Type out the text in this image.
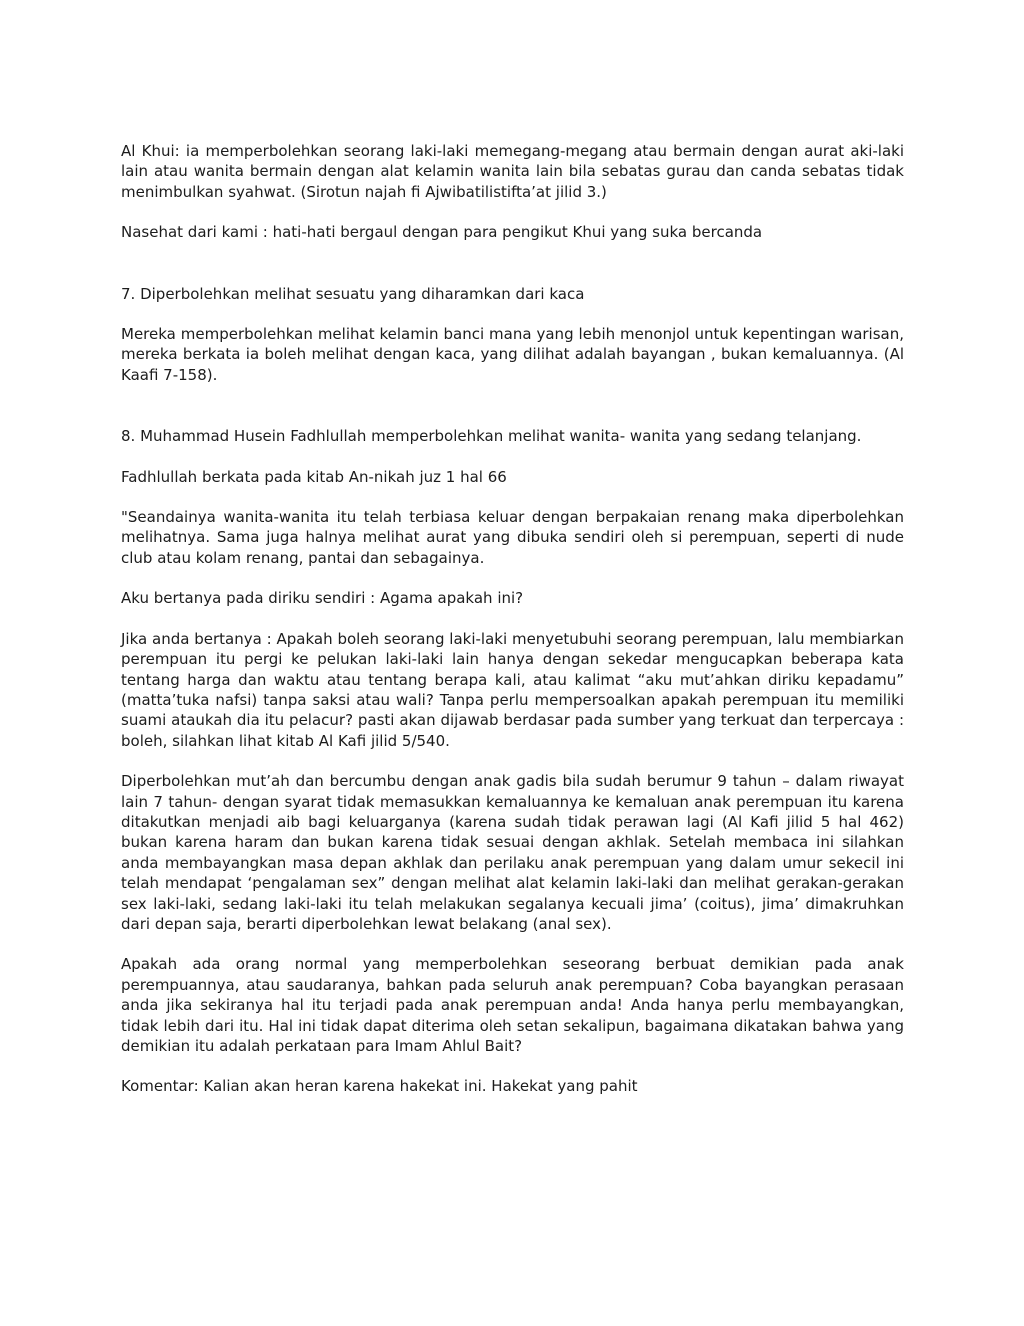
Al Khui: ia memperbolehkan seorang laki-laki memegang-megang atau bermain dengan aurat aki-laki lain atau wanita bermain dengan alat kelamin wanita lain bila sebatas gurau dan canda sebatas tidak menimbulkan syahwat. (Sirotun najah fi Ajwibatilistifta’at jilid 3.)

Nasehat dari kami : hati-hati bergaul dengan para pengikut Khui yang suka bercanda

7. Diperbolehkan melihat sesuatu yang diharamkan dari kaca

Mereka memperbolehkan melihat kelamin banci mana yang lebih menonjol untuk kepentingan warisan, mereka berkata ia boleh melihat dengan kaca, yang dilihat adalah bayangan , bukan kemaluannya. (Al Kaafi 7-158).

8. Muhammad Husein Fadhlullah memperbolehkan melihat wanita- wanita yang sedang telanjang.

Fadhlullah berkata pada kitab An-nikah juz 1 hal 66

"Seandainya wanita-wanita itu telah terbiasa keluar dengan berpakaian renang maka diperbolehkan melihatnya. Sama juga halnya melihat aurat yang dibuka sendiri oleh si perempuan, seperti di nude club atau kolam renang, pantai dan sebagainya.

Aku bertanya pada diriku sendiri : Agama apakah ini?

Jika anda bertanya : Apakah boleh seorang laki-laki menyetubuhi seorang perempuan, lalu membiarkan perempuan itu pergi ke pelukan laki-laki lain hanya dengan sekedar mengucapkan beberapa kata tentang harga dan waktu atau tentang berapa kali, atau kalimat “aku mut’ahkan diriku kepadamu” (matta’tuka nafsi) tanpa saksi atau wali? Tanpa perlu mempersoalkan apakah perempuan itu memiliki suami ataukah dia itu pelacur? pasti akan dijawab berdasar pada sumber yang terkuat dan terpercaya : boleh, silahkan lihat kitab Al Kafi jilid 5/540.

Diperbolehkan mut’ah dan bercumbu dengan anak gadis bila sudah berumur 9 tahun – dalam riwayat lain 7 tahun- dengan syarat tidak memasukkan kemaluannya ke kemaluan anak perempuan itu karena ditakutkan menjadi aib bagi keluarganya (karena sudah tidak perawan lagi (Al Kafi jilid 5 hal 462) bukan karena haram dan bukan karena tidak sesuai dengan akhlak. Setelah membaca ini silahkan anda membayangkan masa depan akhlak dan perilaku anak perempuan yang dalam umur sekecil ini telah mendapat ‘pengalaman sex” dengan melihat alat kelamin laki-laki dan melihat gerakan-gerakan sex laki-laki, sedang laki-laki itu telah melakukan segalanya kecuali jima’ (coitus), jima’ dimakruhkan dari depan saja, berarti diperbolehkan lewat belakang (anal sex).

Apakah ada orang normal yang memperbolehkan seseorang berbuat demikian pada anak perempuannya, atau saudaranya, bahkan pada seluruh anak perempuan? Coba bayangkan perasaan anda jika sekiranya hal itu terjadi pada anak perempuan anda! Anda hanya perlu membayangkan, tidak lebih dari itu. Hal ini tidak dapat diterima oleh setan sekalipun, bagaimana dikatakan bahwa yang demikian itu adalah perkataan para Imam Ahlul Bait?

Komentar: Kalian akan heran karena hakekat ini. Hakekat yang pahit
